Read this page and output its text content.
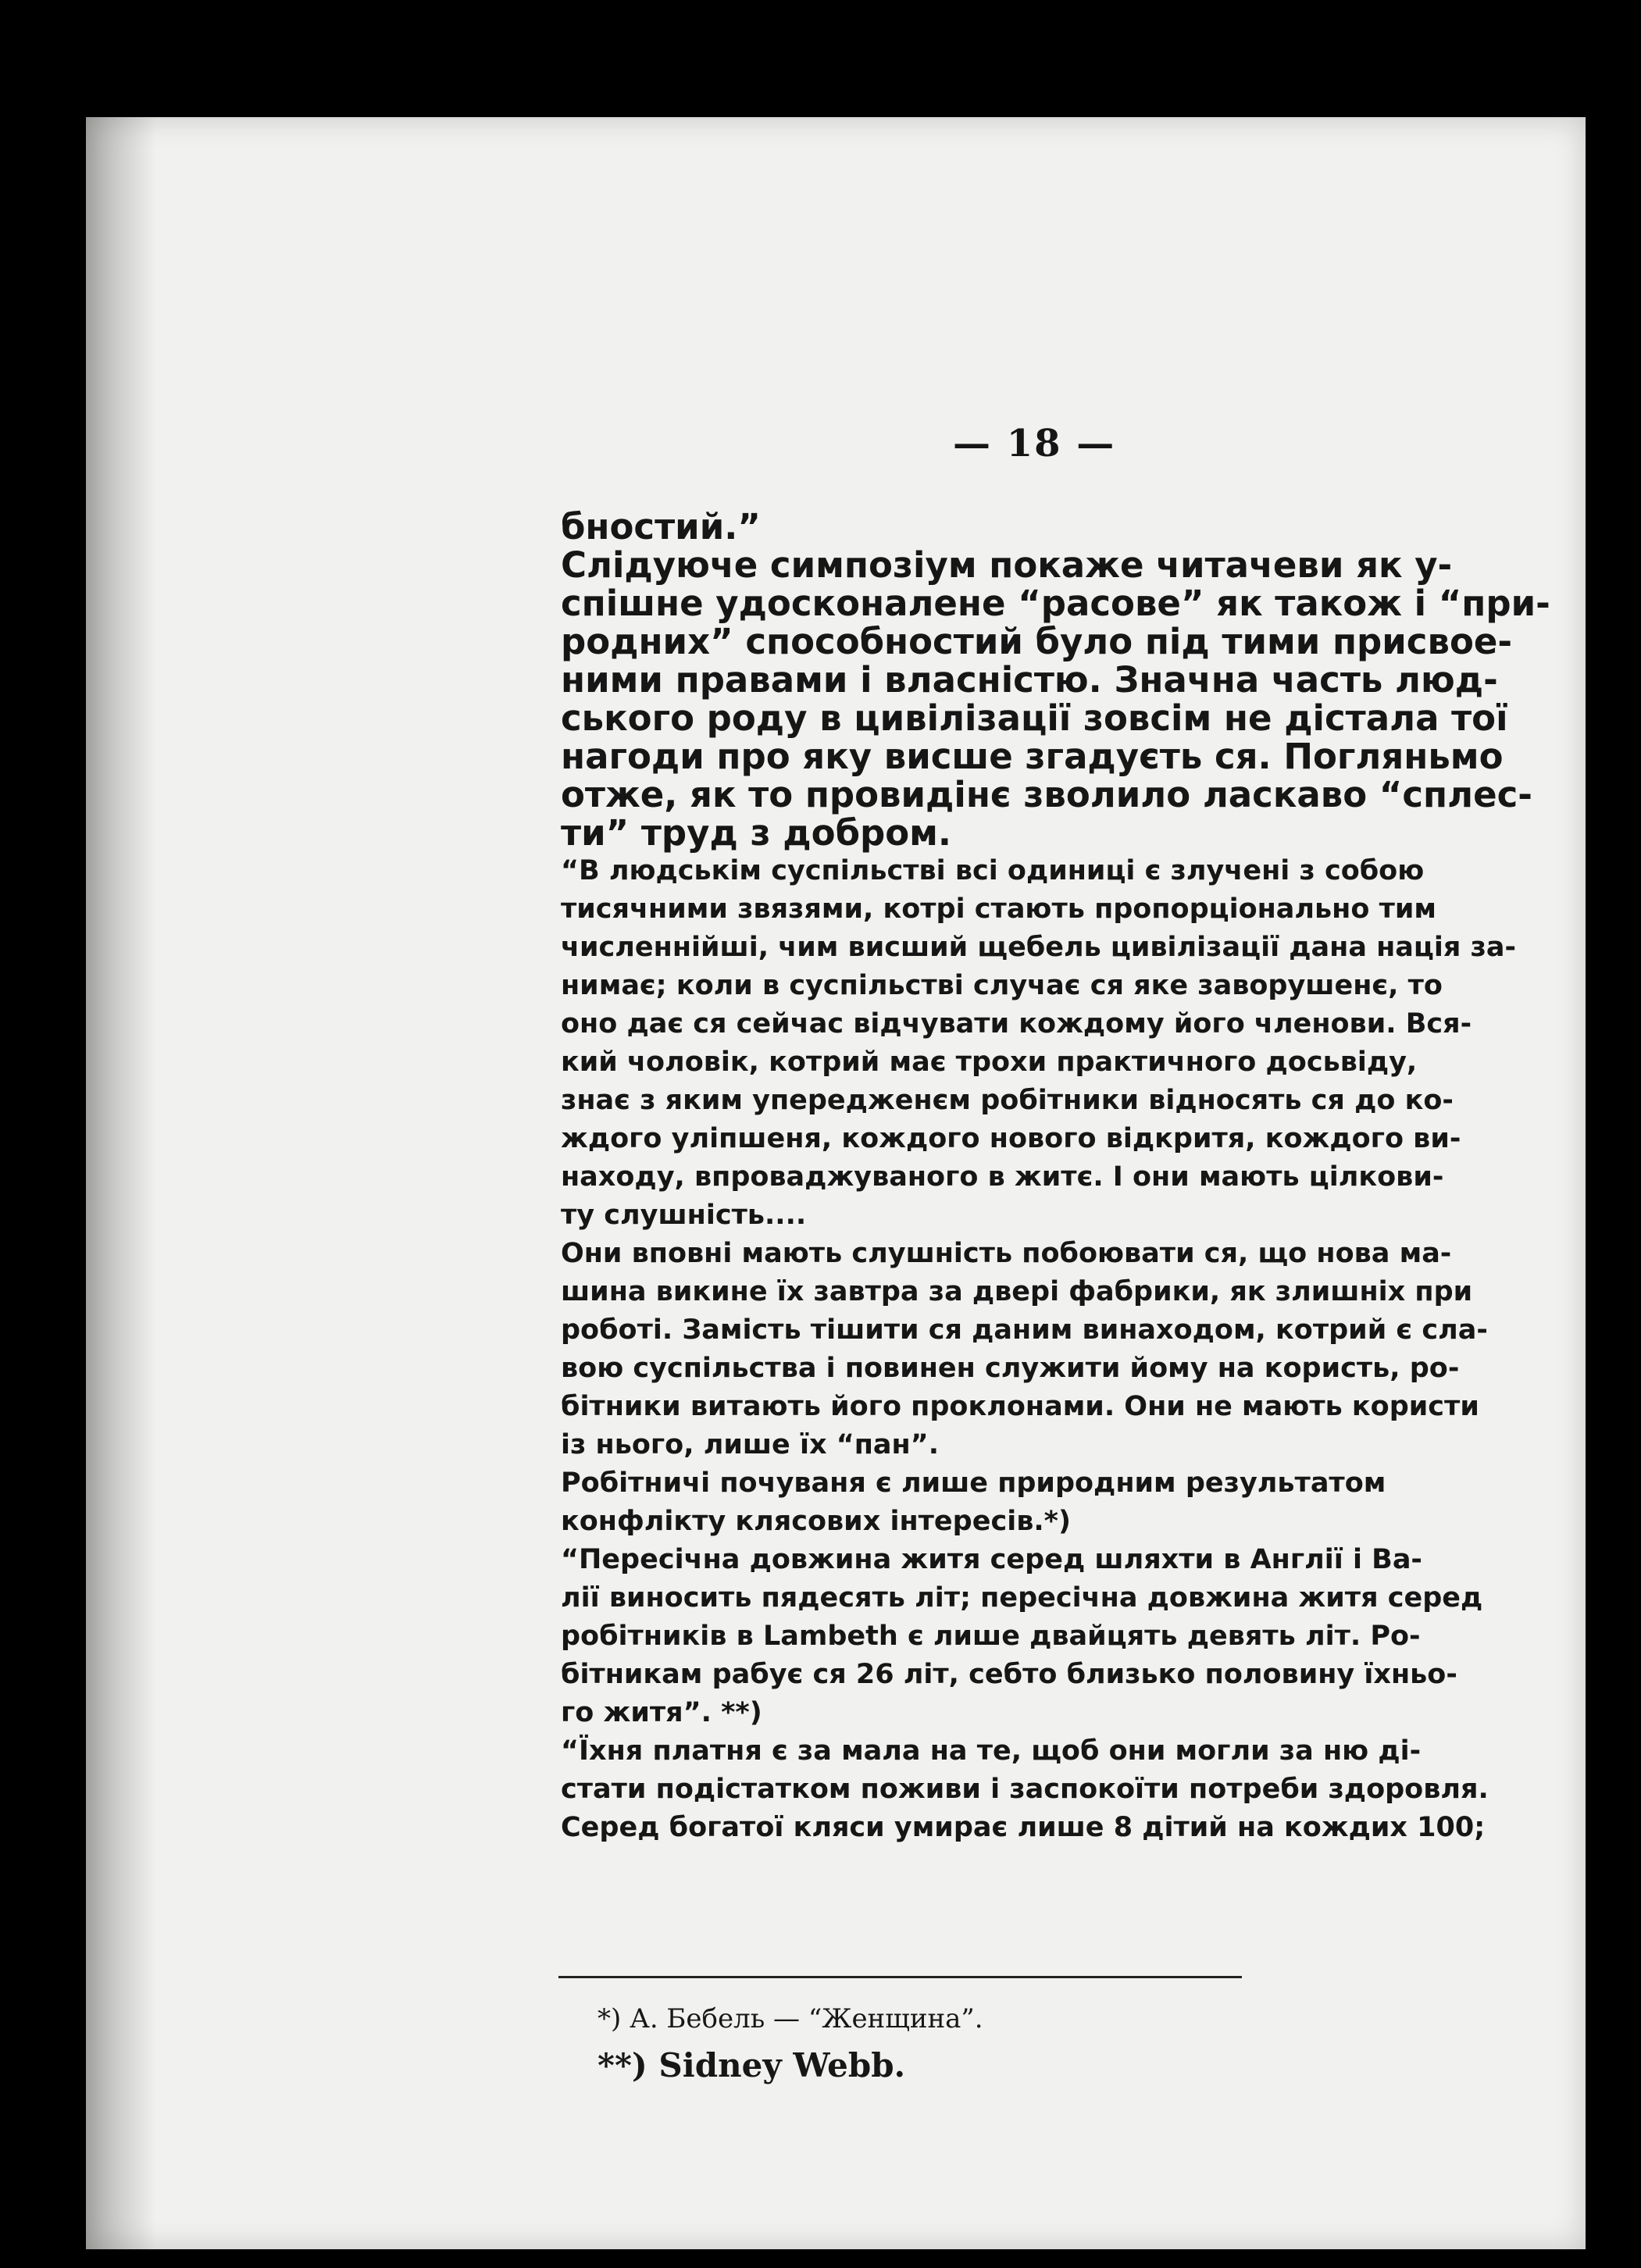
— 18 —
бностий.”
Слідуюче симпозіум покаже читачеви як у-
спішне удосконалене “расове” як також і “при-
родних” способностий було під тими присвое-
ними правами і власністю. Значна часть люд-
ського роду в цивілізації зовсім не дістала тої
нагоди про яку висше згадуєть ся. Погляньмо
отже, як то провидінє зволило ласкаво “сплес-
ти” труд з добром.
“В людськім суспільстві всі одиниці є злучені з собою
тисячними звязями, котрі стають пропорціонально тим
численнійші, чим висший щебель цивілізації дана нація за-
нимає; коли в суспільстві случає ся яке заворушенє, то
оно дає ся сейчас відчувати кождому його членови. Вся-
кий чоловік, котрий має трохи практичного досьвіду,
знає з яким упередженєм робітники відносять ся до ко-
ждого уліпшеня, кождого нового відкритя, кождого ви-
находу, впроваджуваного в житє. І они мають цілкови-
ту слушність....
Они вповні мають слушність побоювати ся, що нова ма-
шина викине їх завтра за двері фабрики, як злишніх при
роботі. Замість тішити ся даним винаходом, котрий є сла-
вою суспільства і повинен служити йому на користь, ро-
бітники витають його проклонами. Они не мають користи
із нього, лише їх “пан”.
Робітничі почуваня є лише природним результатом
конфлікту клясових інтересів.*)
“Пересічна довжина житя серед шляхти в Англії і Ва-
лії виносить пядесять літ; пересічна довжина житя серед
робітників в Lambeth є лише двайцять девять літ. Ро-
бітникам рабує ся 26 літ, себто близько половину їхньо-
го житя”. **)
“Їхня платня є за мала на те, щоб они могли за ню ді-
стати подістатком поживи і заспокоїти потреби здоровля.
Серед богатої кляси умирає лише 8 дітий на кождих 100;
*) А. Бебель — “Женщина”.
**) Sidney Webb.
